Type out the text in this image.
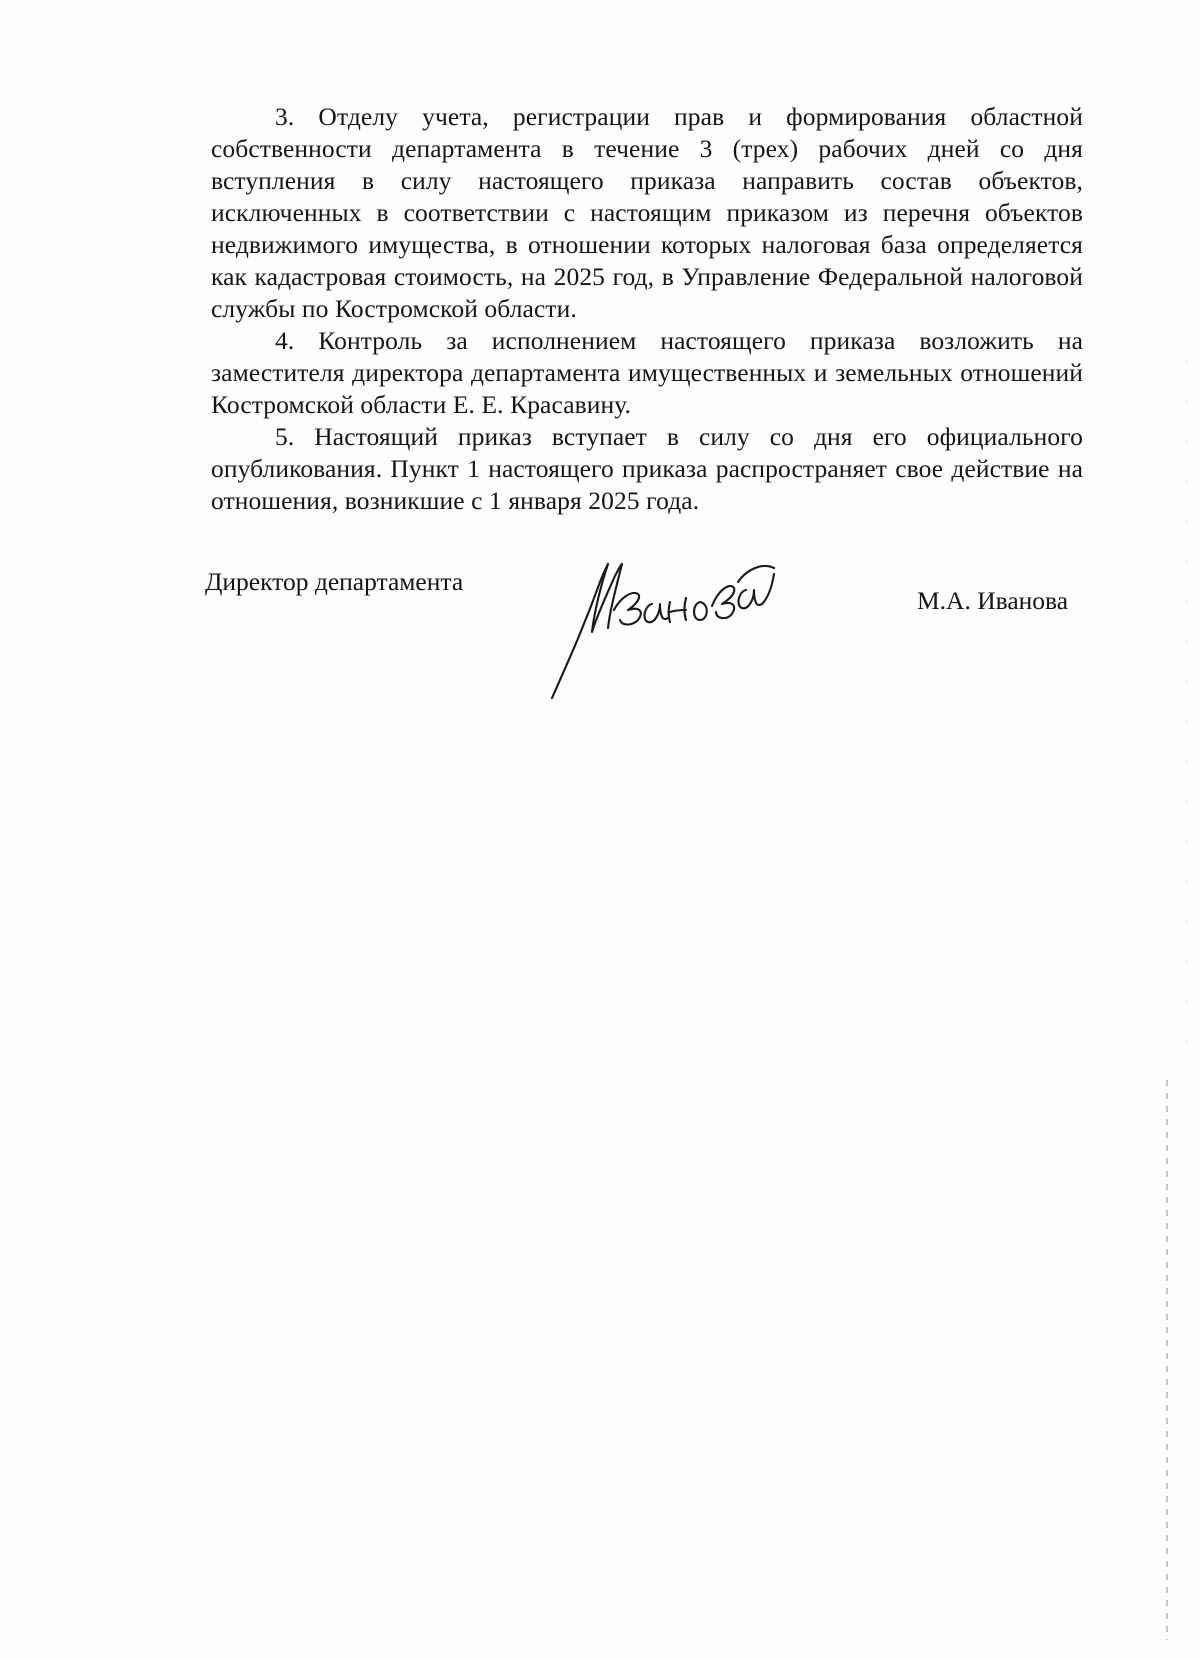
3. Отделу учета, регистрации прав и формирования областной собственности департамента в течение 3 (трех) рабочих дней со дня вступления в силу настоящего приказа направить состав объектов, исключенных в соответствии с настоящим приказом из перечня объектов недвижимого имущества, в отношении которых налоговая база определяется как кадастровая стоимость, на 2025 год, в Управление Федеральной налоговой службы по Костромской области.

4. Контроль за исполнением настоящего приказа возложить на заместителя директора департамента имущественных и земельных отношений Костромской области Е. Е. Красавину.

5. Настоящий приказ вступает в силу со дня его официального опубликования. Пункт 1 настоящего приказа распространяет свое действие на отношения, возникшие с 1 января 2025 года.

Директор департамента
М.А. Иванова
